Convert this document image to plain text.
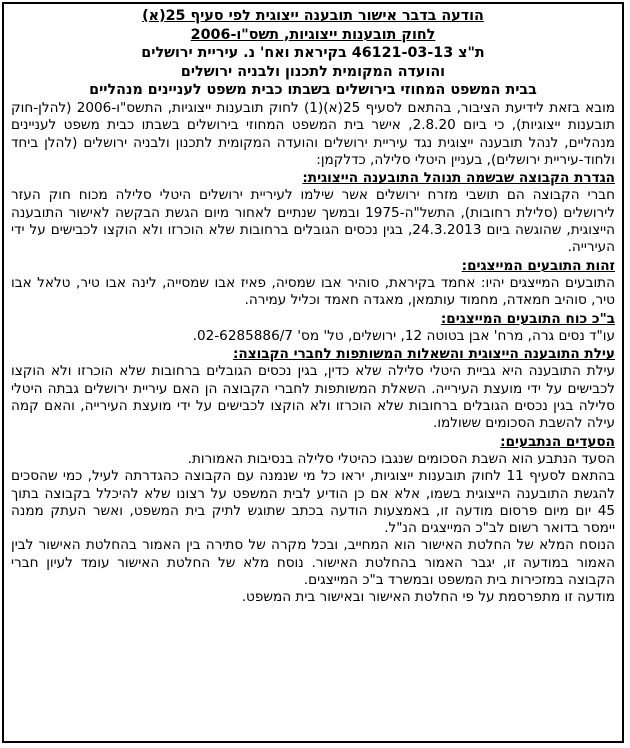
הודעה בדבר אישור תובענה ייצוגית לפי סעיף 25(א)
לחוק תובענות ייצוגיות, תשס"ו-2006
ת"צ 46121-03-13 בקיראת ואח' נ. עיריית ירושלים
והועדה המקומית לתכנון ולבניה ירושלים
בבית המשפט המחוזי בירושלים בשבתו כבית משפט לעניינים מנהליים

מובא בזאת לידיעת הציבור, בהתאם לסעיף 25(א)(1) לחוק תובענות ייצוגיות, התשס"ו-2006 (להלן-חוק תובענות ייצוגיות), כי ביום 2.8.20, אישר בית המשפט המחוזי בירושלים בשבתו כבית משפט לעניינים מנהליים, לנהל תובענה ייצוגית נגד עיריית ירושלים והועדה המקומית לתכנון ולבניה ירושלים (להלן ביחד ולחוד-עיריית ירושלים), בעניין היטלי סלילה, כדלקמן:

הגדרת הקבוצה שבשמה תנוהל התובענה הייצוגית:

חברי הקבוצה הם תושבי מזרח ירושלים אשר שילמו לעיריית ירושלים היטלי סלילה מכוח חוק העזר לירושלים (סלילת רחובות), התשל"ה-1975 ובמשך שנתיים לאחור מיום הגשת הבקשה לאישור התובענה הייצוגית, שהוגשה ביום 24.3.2013, בגין נכסים הגובלים ברחובות שלא הוכרזו ולא הוקצו לכבישים על ידי העירייה.

זהות התובעים המייצגים:

התובעים המייצגים יהיו: אחמד בקיראת, סוהיר אבו שמסיה, פאיז אבו שמסייה, לינה אבו טיר, טלאל אבו טיר, סוהיב חמאדה, מחמוד עותמאן, מאגדה חאמד וכליל עמירה.

ב"כ כוח התובעים המייצגים:

עו"ד נסים גרה, מרח' אבן בטוטה 12, ירושלים, טל' מס' 02-6285886/7.

עילת התובענה הייצוגית והשאלות המשותפות לחברי הקבוצה:

עילת התובענה היא גביית היטלי סלילה שלא כדין, בגין נכסים הגובלים ברחובות שלא הוכרזו ולא הוקצו לכבישים על ידי מועצת העירייה. השאלת המשותפות לחברי הקבוצה הן האם עיריית ירושלים גבתה היטלי סלילה בגין נכסים הגובלים ברחובות שלא הוכרזו ולא הוקצו לכבישים על ידי מועצת העירייה, והאם קמה עילה להשבת הסכומים ששולמו.

הסעדים הנתבעים:

הסעד הנתבע הוא השבת הסכומים שנגבו כהיטלי סלילה בנסיבות האמורות.

בהתאם לסעיף 11 לחוק תובענות ייצוגיות, יראו כל מי שנמנה עם הקבוצה כהגדרתה לעיל, כמי שהסכים להגשת התובענה הייצוגית בשמו, אלא אם כן הודיע לבית המשפט על רצונו שלא להיכלל בקבוצה בתוך 45 יום מיום פרסום מודעה זו, באמצעות הודעה בכתב שתוגש לתיק בית המשפט, ואשר העתק ממנה יימסר בדואר רשום לב"כ המייצגים הנ"ל.

הנוסח המלא של החלטת האישור הוא המחייב, ובכל מקרה של סתירה בין האמור בהחלטת האישור לבין האמור במודעה זו, יגבר האמור בהחלטת האישור. נוסח מלא של החלטת האישור עומד לעיון חברי הקבוצה במזכירות בית המשפט ובמשרד ב"כ המייצגים.

מודעה זו מתפרסמת על פי החלטת האישור ובאישור בית המשפט.
